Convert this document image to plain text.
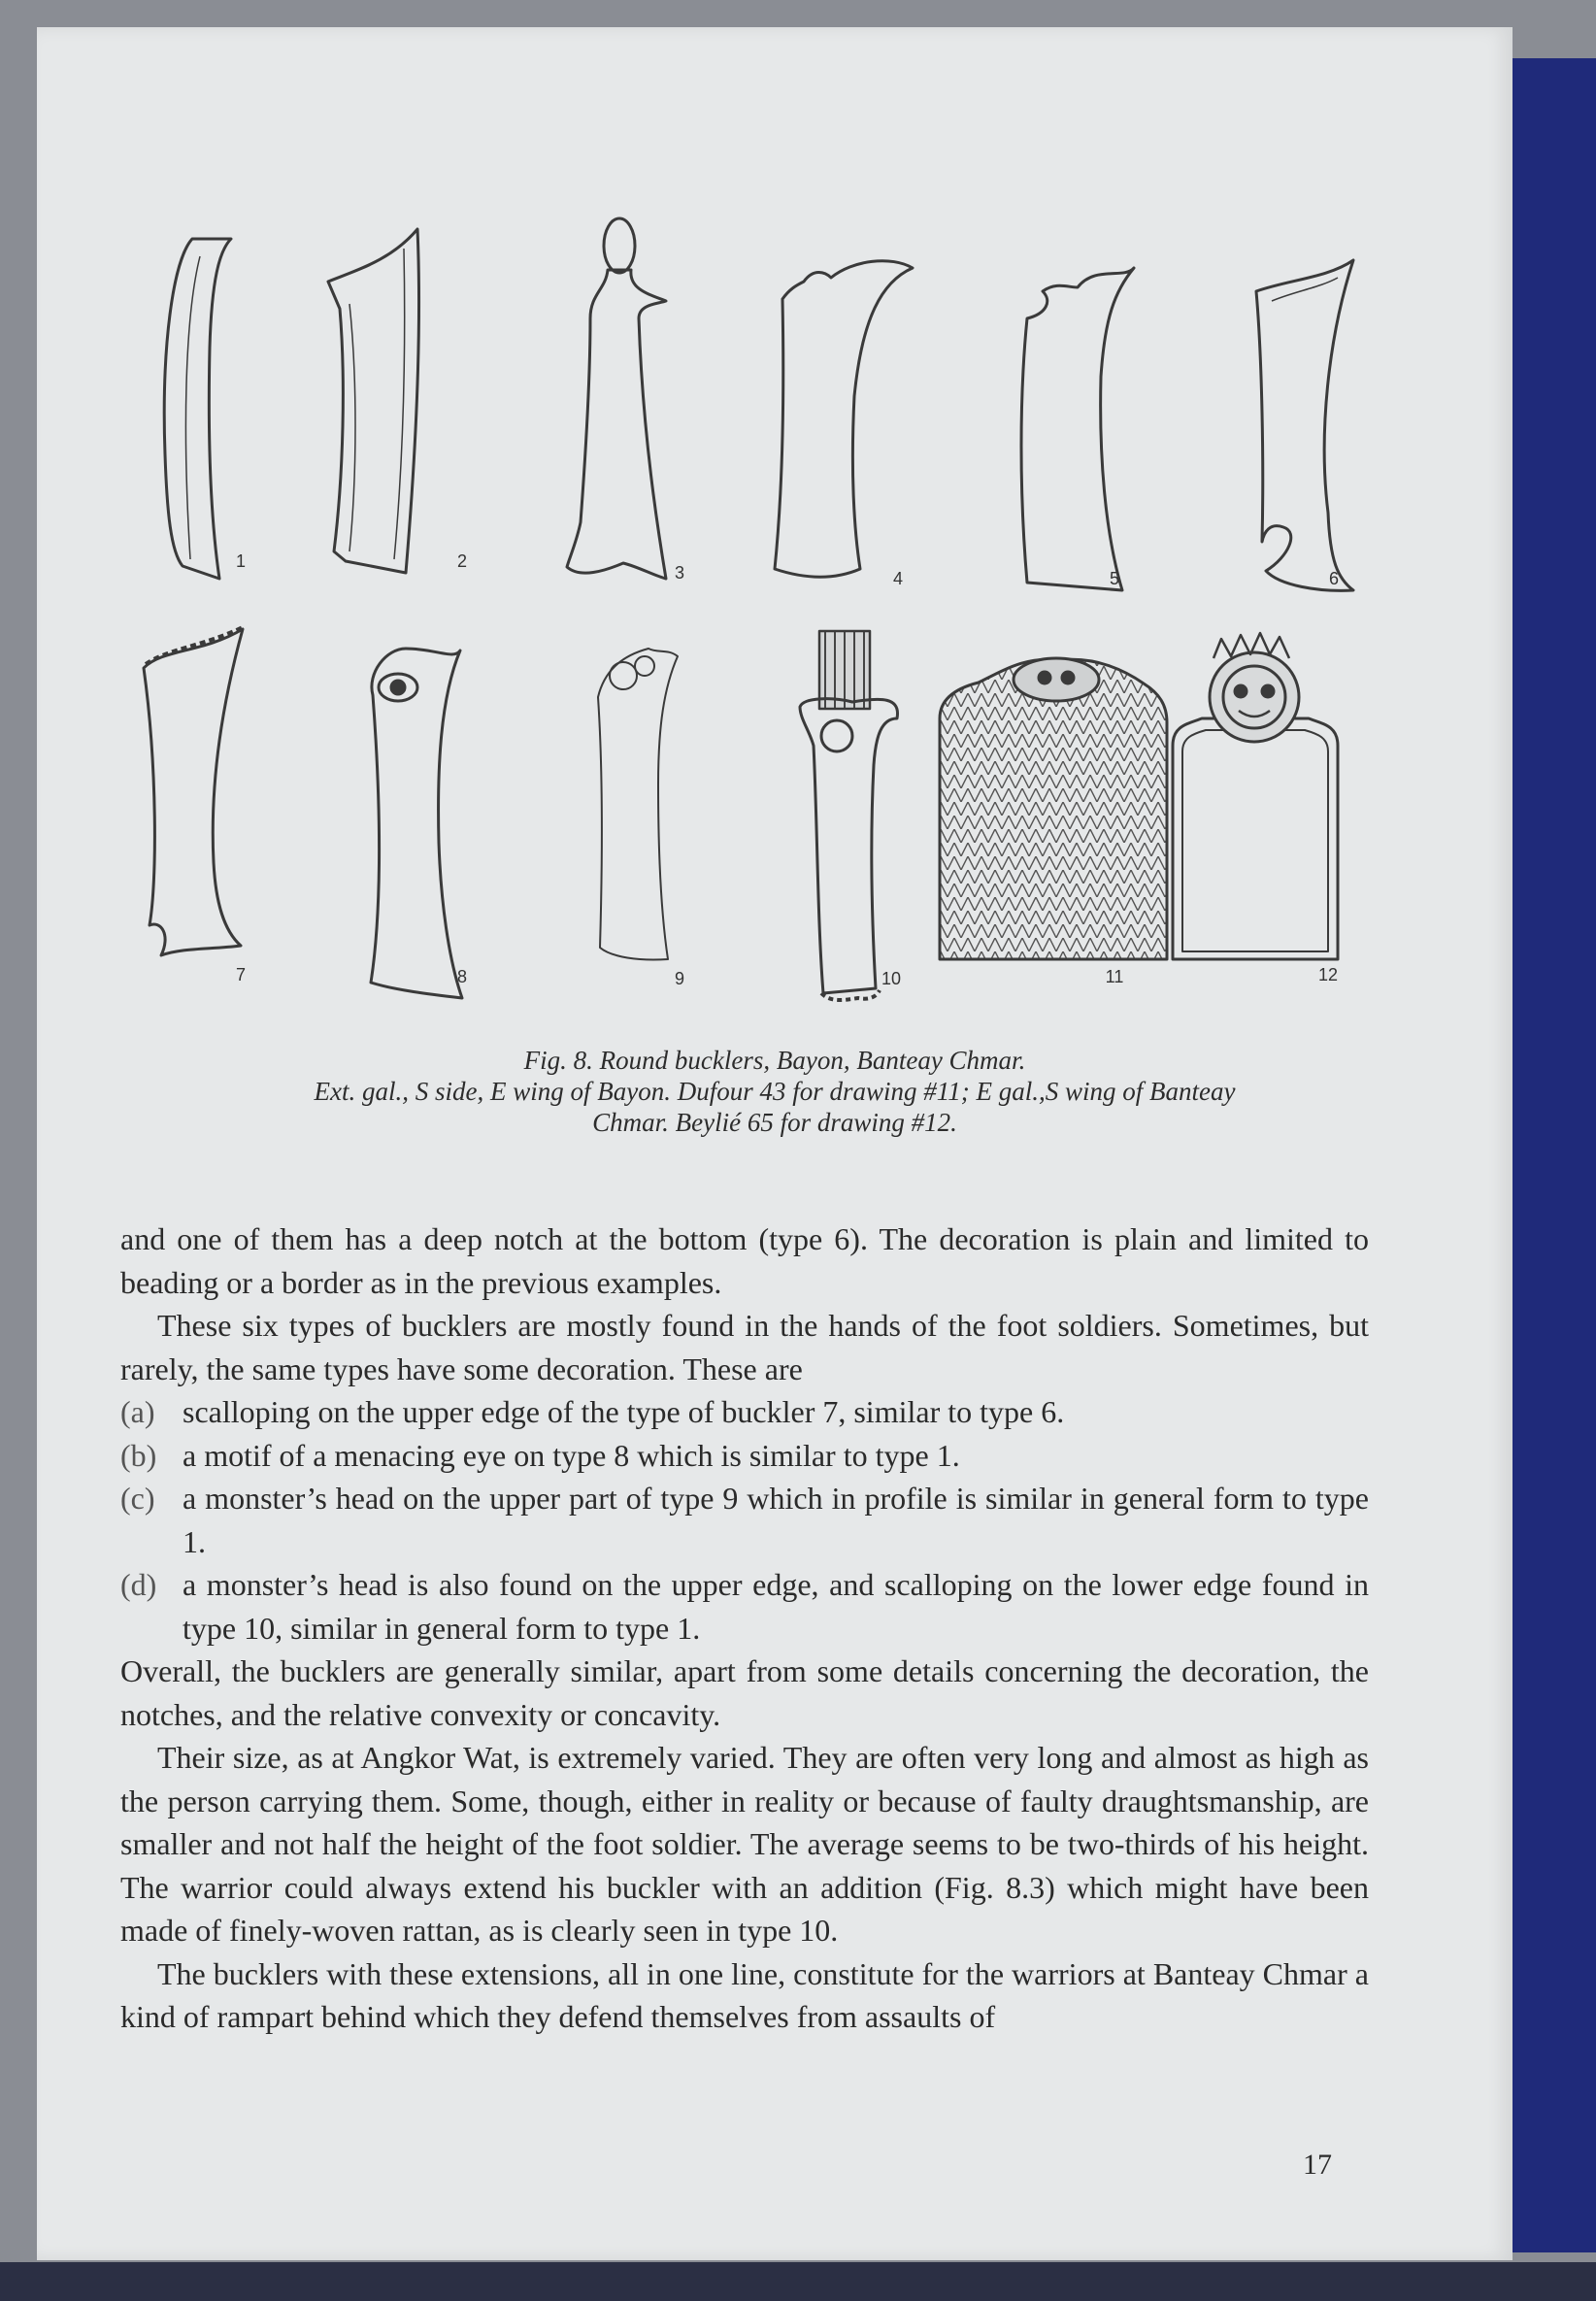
1	2
3	4	5	6
7	8	9	10	11	12
Fig. 8. Round bucklers, Bayon, Banteay Chmar.
Ext. gal., S side, E wing of Bayon. Dufour 43 for drawing #11; E gal.,S wing of Banteay
Chmar. Beylié 65 for drawing #12.

and one of them has a deep notch at the bottom (type 6). The decoration is plain and limited to beading or a border as in the previous examples.

These six types of bucklers are mostly found in the hands of the foot soldiers. Sometimes, but rarely, the same types have some decoration. These are

(a) scalloping on the upper edge of the type of buckler 7, similar to type 6.
(b) a motif of a menacing eye on type 8 which is similar to type 1.
(c) a monster’s head on the upper part of type 9 which in profile is similar in general form to type 1.
(d) a monster’s head is also found on the upper edge, and scalloping on the lower edge found in type 10, similar in general form to type 1.

Overall, the bucklers are generally similar, apart from some details concerning the decoration, the notches, and the relative convexity or concavity.

Their size, as at Angkor Wat, is extremely varied. They are often very long and almost as high as the person carrying them. Some, though, either in reality or because of faulty draughtsmanship, are smaller and not half the height of the foot soldier. The average seems to be two-thirds of his height. The warrior could always extend his buckler with an addition (Fig. 8.3) which might have been made of finely-woven rattan, as is clearly seen in type 10.

The bucklers with these extensions, all in one line, constitute for the warriors at Banteay Chmar a kind of rampart behind which they defend themselves from assaults of

17
